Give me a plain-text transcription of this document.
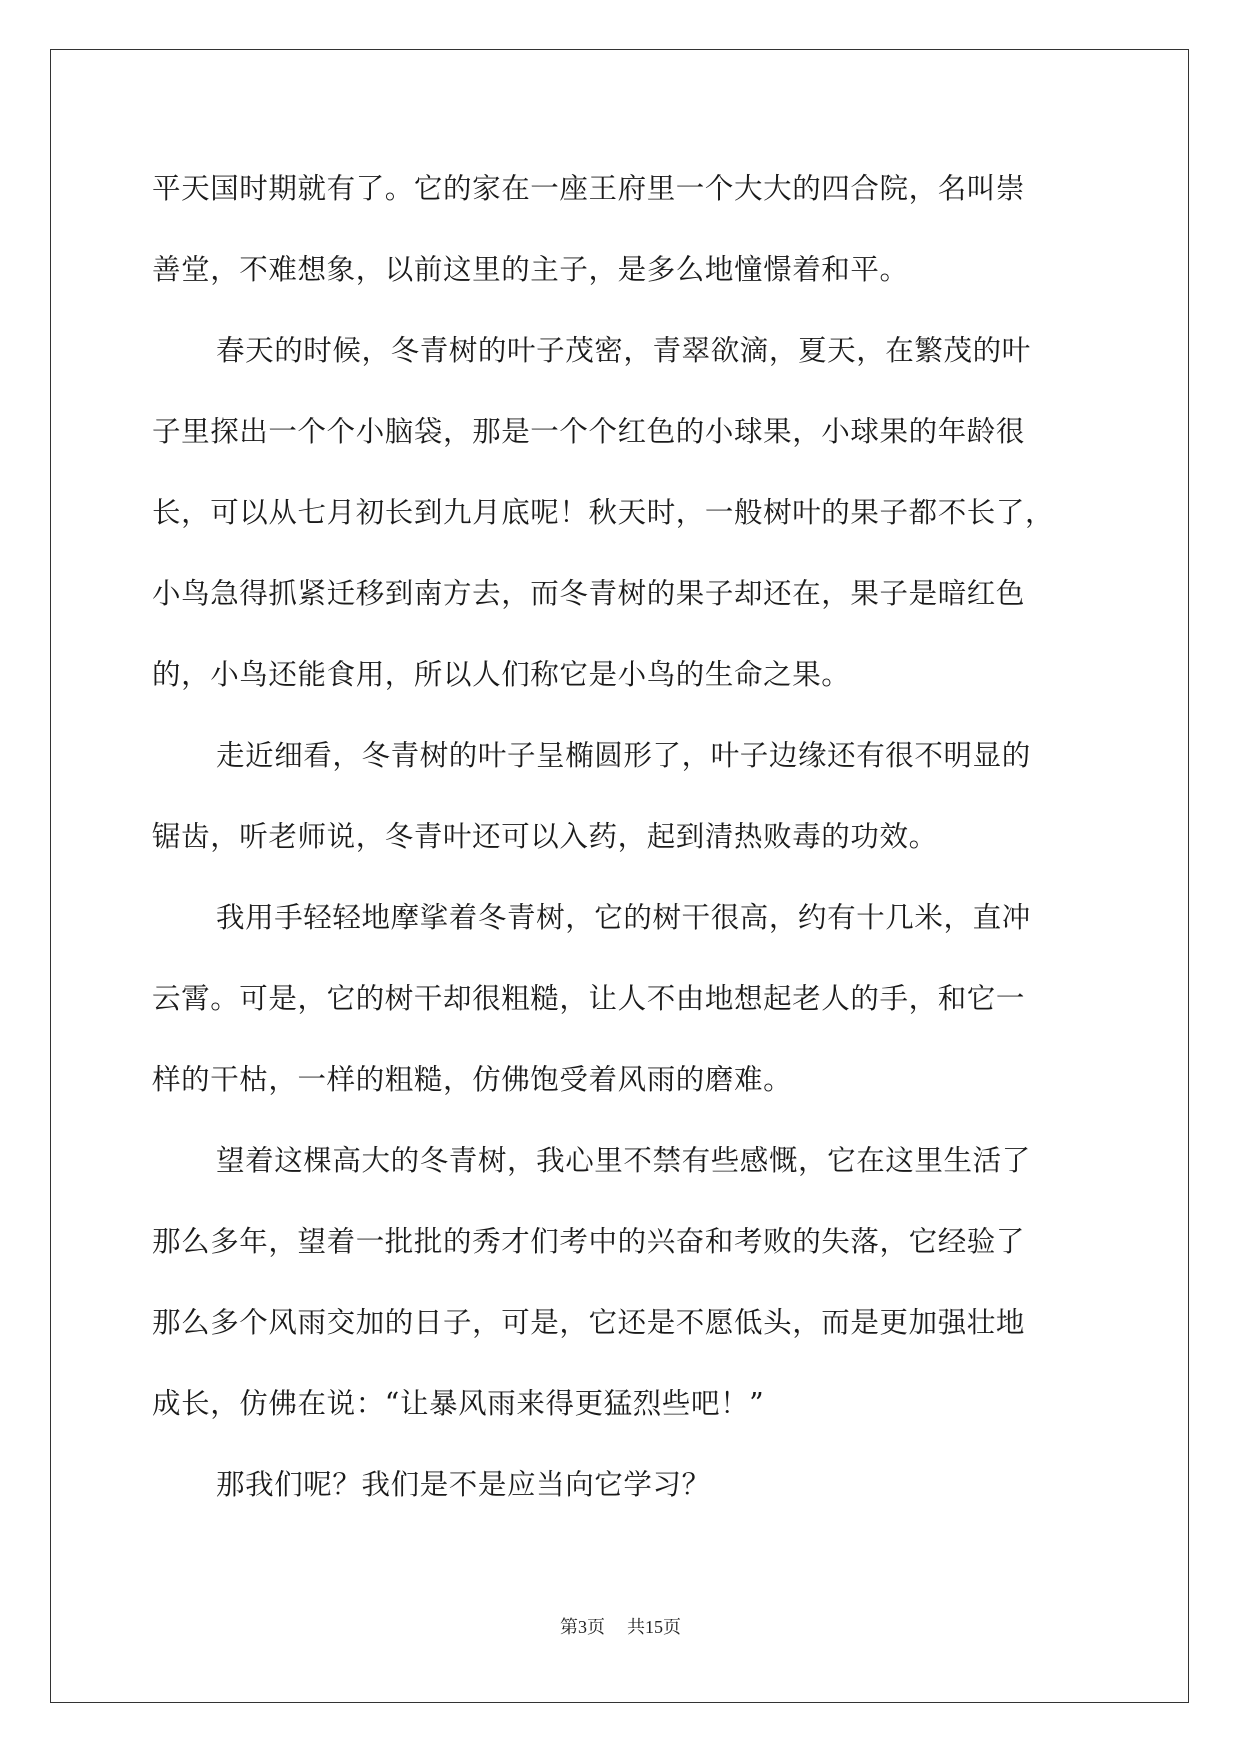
平天国时期就有了。它的家在一座王府里一个大大的四合院，名叫崇
善堂，不难想象，以前这里的主子，是多么地憧憬着和平。
春天的时候，冬青树的叶子茂密，青翠欲滴，夏天，在繁茂的叶
子里探出一个个小脑袋，那是一个个红色的小球果，小球果的年龄很
长，可以从七月初长到九月底呢！秋天时，一般树叶的果子都不长了，
小鸟急得抓紧迁移到南方去，而冬青树的果子却还在，果子是暗红色
的，小鸟还能食用，所以人们称它是小鸟的生命之果。
走近细看，冬青树的叶子呈椭圆形了，叶子边缘还有很不明显的
锯齿，听老师说，冬青叶还可以入药，起到清热败毒的功效。
我用手轻轻地摩挲着冬青树，它的树干很高，约有十几米，直冲
云霄。可是，它的树干却很粗糙，让人不由地想起老人的手，和它一
样的干枯，一样的粗糙，仿佛饱受着风雨的磨难。
望着这棵高大的冬青树，我心里不禁有些感慨，它在这里生活了
那么多年，望着一批批的秀才们考中的兴奋和考败的失落，它经验了
那么多个风雨交加的日子，可是，它还是不愿低头，而是更加强壮地
成长，仿佛在说：“让暴风雨来得更猛烈些吧！”
那我们呢？我们是不是应当向它学习？
第3页 共15页
